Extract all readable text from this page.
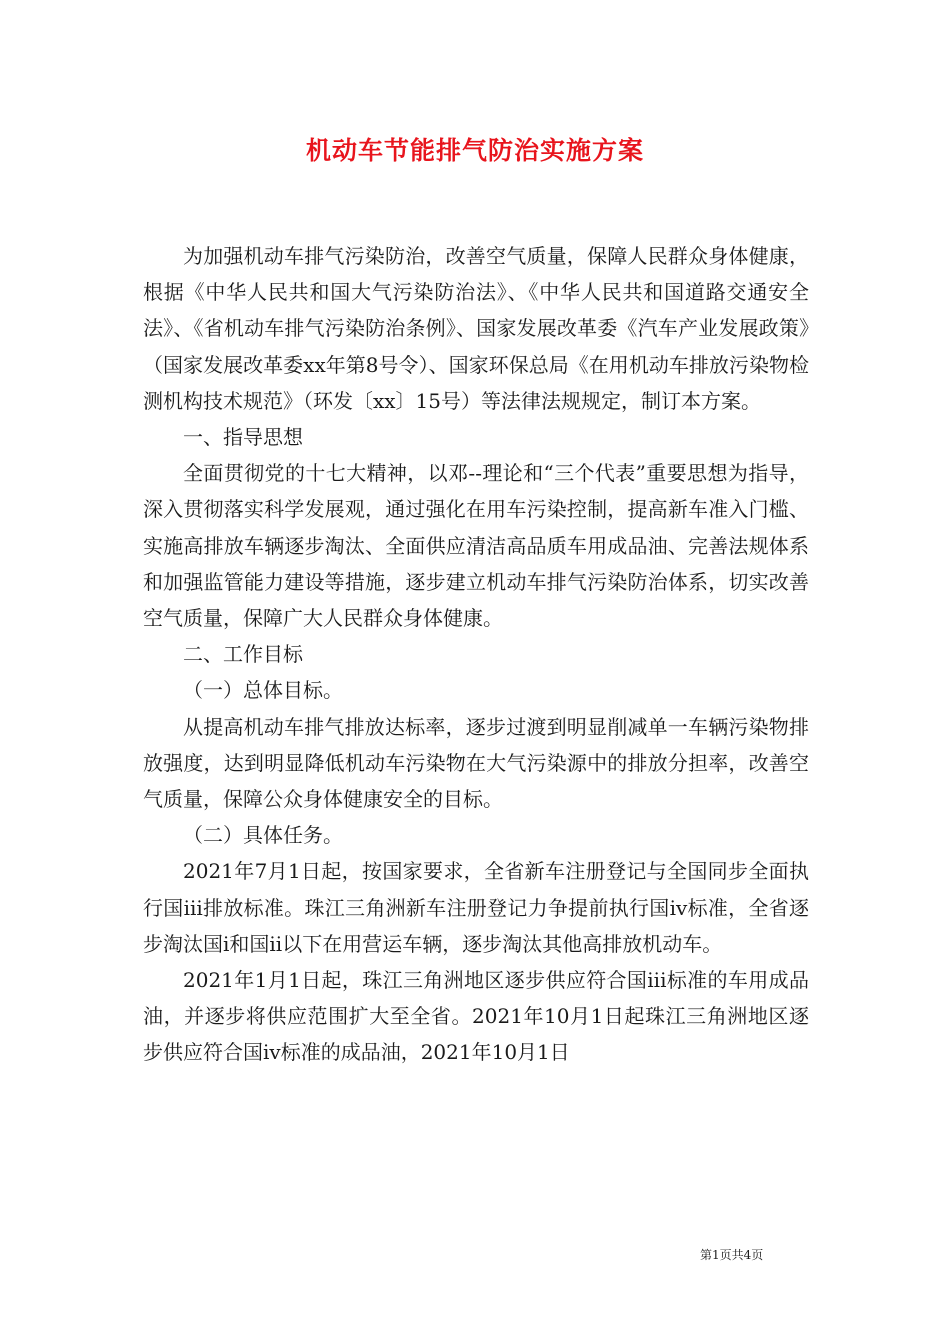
机动车节能排气防治实施方案

为加强机动车排气污染防治，改善空气质量，保障人民群众身体健康，根据《中华人民共和国大气污染防治法》、《中华人民共和国道路交通安全法》、《省机动车排气污染防治条例》、国家发展改革委《汽车产业发展政策》（国家发展改革委xx年第8号令）、国家环保总局《在用机动车排放污染物检测机构技术规范》（环发〔xx〕15号）等法律法规规定，制订本方案。

一、指导思想

全面贯彻党的十七大精神，以邓--理论和“三个代表”重要思想为指导，深入贯彻落实科学发展观，通过强化在用车污染控制，提高新车准入门槛、实施高排放车辆逐步淘汰、全面供应清洁高品质车用成品油、完善法规体系和加强监管能力建设等措施，逐步建立机动车排气污染防治体系，切实改善空气质量，保障广大人民群众身体健康。

二、工作目标

（一）总体目标。

从提高机动车排气排放达标率，逐步过渡到明显削减单一车辆污染物排放强度，达到明显降低机动车污染物在大气污染源中的排放分担率，改善空气质量，保障公众身体健康安全的目标。

（二）具体任务。

2021年7月1日起，按国家要求，全省新车注册登记与全国同步全面执行国iii排放标准。珠江三角洲新车注册登记力争提前执行国iv标准，全省逐步淘汰国i和国ii以下在用营运车辆，逐步淘汰其他高排放机动车。

2021年1月1日起，珠江三角洲地区逐步供应符合国iii标准的车用成品油，并逐步将供应范围扩大至全省。2021年10月1日起珠江三角洲地区逐步供应符合国iv标准的成品油，2021年10月1日

第1页共4页
